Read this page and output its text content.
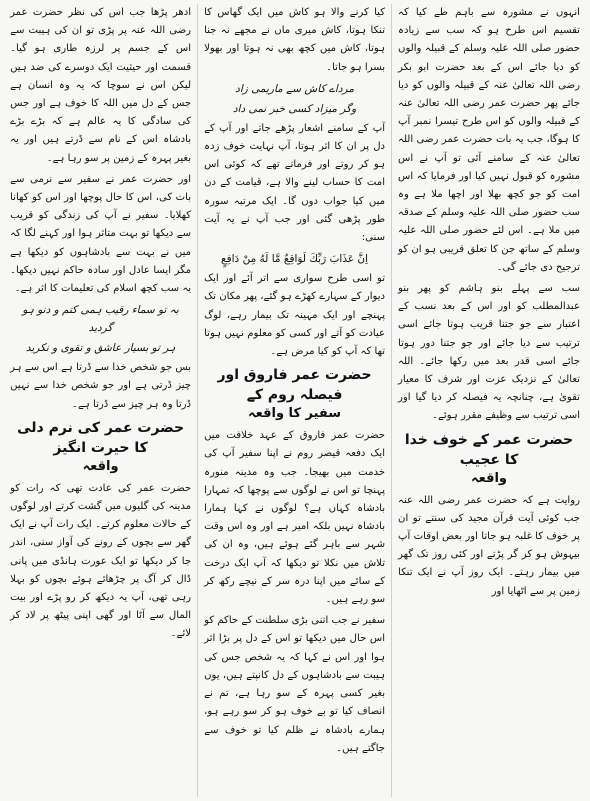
انہوں نے مشورہ سے باہم طے کیا کہ تقسیم اس طرح ہو کہ سب سے زیادہ حضور صلی اللہ علیہ وسلم کے قبیلہ والوں کو دیا جائے اس کے بعد حضرت ابو بکر رضی اللہ تعالیٰ عنہ کے قبیلہ والوں کو دیا جائے پھر حضرت عمر رضی اللہ تعالیٰ عنہ کے قبیلہ والوں کو اس طرح تیسرا نمبر آپ کا ہوگا، جب یہ بات حضرت عمر رضی اللہ تعالیٰ عنہ کے سامنے آئی تو آپ نے اس مشورہ کو قبول نہیں کیا اور فرمایا کہ اس امت کو جو کچھ بھلا اور اچھا ملا ہے وہ سب حضور صلی اللہ علیہ وسلم کے صدقہ میں ملا ہے۔ اس لئے حضور صلی اللہ علیہ وسلم کے ساتھ جن کا تعلق قریبی ہو ان کو ترجیح دی جائے گی۔

سب سے پہلے بنو ہاشم کو پھر بنو عبدالمطلب کو اور اس کے بعد نسب کے اعتبار سے جو جتنا قریب ہوتا جائے اسی ترتیب سے دیا جائے اور جو جتنا دور ہوتا جائے اسی قدر بعد میں رکھا جائے۔ اللہ تعالیٰ کے نزدیک عزت اور شرف کا معیار تقویٰ ہے، چنانچہ یہ فیصلہ کر دیا گیا اور اسی ترتیب سے وظیفے مقرر ہوئے۔

حضرت عمر کے خوف خدا کا عجیب
واقعہ

روایت ہے کہ حضرت عمر رضی اللہ عنہ جب کوئی آیت قرآن مجید کی سنتے تو ان پر خوف کا غلبہ ہو جاتا اور بعض اوقات آپ بیہوش ہو کر گر پڑتے اور کئی روز تک گھر میں بیمار رہتے۔ ایک روز آپ نے ایک تنکا زمین پر سے اٹھایا اور

کیا کرنے والا ہو کاش میں ایک گھاس کا تنکا ہوتا، کاش میری ماں نے مجھے نہ جنا ہوتا، کاش میں کچھ بھی نہ ہوتا اور بھولا بسرا ہو جاتا۔

مرداے کاش سے ماریمی زاد
وگر میزاد کسی خبر نمی داد

آپ کے سامنے اشعار پڑھے جاتے اور آپ کے دل پر ان کا اثر ہوتا، آپ نہایت خوف زدہ ہو کر روتے اور فرماتے تھے کہ کوئی اس امت کا حساب لینے والا ہے، قیامت کے دن میں کیا جواب دوں گا۔ ایک مرتبہ سورہ طور پڑھی گئی اور جب آپ نے یہ آیت سنی:

اِنَّ عَذَابَ رَبِّكَ لَوَاقِعٌ مَّا لَهُ مِنْ دَافِعٍ

تو اسی طرح سواری سے اتر آئے اور ایک دیوار کے سہارے کھڑے ہو گئے، پھر مکان تک پہنچے اور ایک مہینہ تک بیمار رہے، لوگ عیادت کو آتے اور کسی کو معلوم نہیں ہوتا تھا کہ آپ کو کیا مرض ہے۔

حضرت عمر فاروق اور فیصلہ روم کے
سفیر کا واقعہ

حضرت عمر فاروق کے عہد خلافت میں ایک دفعہ قیصر روم نے اپنا سفیر آپ کی خدمت میں بھیجا۔ جب وہ مدینہ منورہ پہنچا تو اس نے لوگوں سے پوچھا کہ تمہارا بادشاہ کہاں ہے؟ لوگوں نے کہا ہمارا بادشاہ نہیں بلکہ امیر ہے اور وہ اس وقت شہر سے باہر گئے ہوئے ہیں، وہ ان کی تلاش میں نکلا تو دیکھا کہ آپ ایک درخت کے سائے میں اپنا درہ سر کے نیچے رکھ کر سو رہے ہیں۔

سفیر نے جب اتنی بڑی سلطنت کے حاکم کو اس حال میں دیکھا تو اس کے دل پر بڑا اثر ہوا اور اس نے کہا کہ یہ شخص جس کی ہیبت سے بادشاہوں کے دل کانپتے ہیں، یوں بغیر کسی پہرہ کے سو رہا ہے، تم نے انصاف کیا تو بے خوف ہو کر سو رہے ہو، ہمارے بادشاہ نے ظلم کیا تو خوف سے جاگتے ہیں۔

ادھر پڑھا جب اس کی نظر حضرت عمر رضی اللہ عنہ پر پڑی تو ان کی ہیبت سے اس کے جسم پر لرزہ طاری ہو گیا۔ قسمت اور حیثیت ایک دوسرے کی ضد ہیں لیکن اس نے سوچا کہ یہ وہ انسان ہے جس کے دل میں اللہ کا خوف ہے اور جس کی سادگی کا یہ عالم ہے کہ بڑے بڑے بادشاہ اس کے نام سے ڈرتے ہیں اور یہ بغیر پہرہ کے زمین پر سو رہا ہے۔

اور حضرت عمر نے سفیر سے نرمی سے بات کی، اس کا حال پوچھا اور اس کو کھانا کھلایا۔ سفیر نے آپ کی زندگی کو قریب سے دیکھا تو بہت متاثر ہوا اور کہنے لگا کہ میں نے بہت سے بادشاہوں کو دیکھا ہے مگر ایسا عادل اور سادہ حاکم نہیں دیکھا۔ یہ سب کچھ اسلام کی تعلیمات کا اثر ہے۔

بہ تو سماء رقیب ہمی کتم و دنو ہو گردید
ہر تو بسیار عاشق و تقوی و نکرید

بس جو شخص خدا سے ڈرتا ہے اس سے ہر چیز ڈرتی ہے اور جو شخص خدا سے نہیں ڈرتا وہ ہر چیز سے ڈرتا ہے۔

حضرت عمر کی نرم دلی کا حیرت انگیز
واقعہ

حضرت عمر کی عادت تھی کہ رات کو مدینہ کی گلیوں میں گشت کرتے اور لوگوں کے حالات معلوم کرتے۔ ایک رات آپ نے ایک گھر سے بچوں کے رونے کی آواز سنی، اندر جا کر دیکھا تو ایک عورت ہانڈی میں پانی ڈال کر آگ پر چڑھائے ہوئے بچوں کو بہلا رہی تھی، آپ یہ دیکھ کر رو پڑے اور بیت المال سے آٹا اور گھی اپنی پیٹھ پر لاد کر لائے۔
